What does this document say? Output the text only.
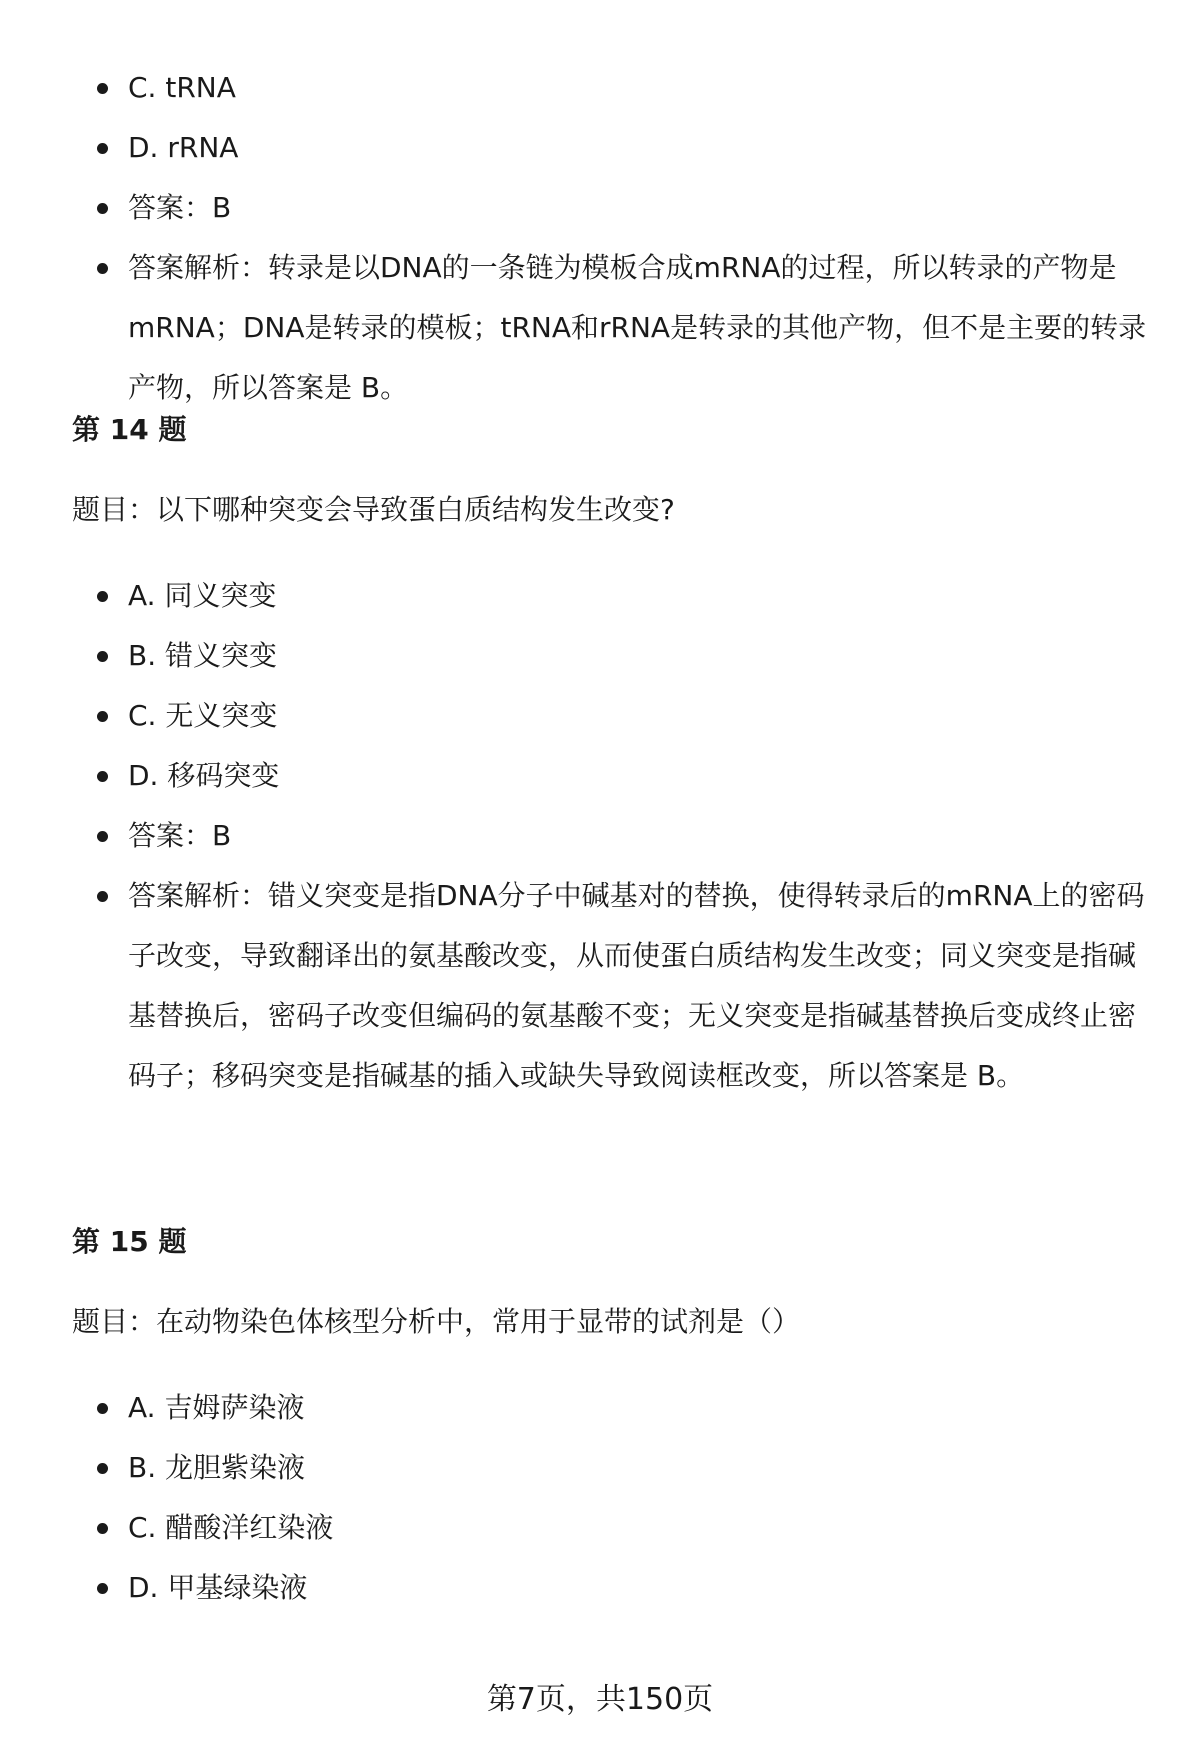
C. tRNA
D. rRNA
答案：B
答案解析：转录是以DNA的一条链为模板合成mRNA的过程，所以转录的产物是mRNA；DNA是转录的模板；tRNA和rRNA是转录的其他产物，但不是主要的转录产物，所以答案是 B。
第 14 题
题目：以下哪种突变会导致蛋白质结构发生改变?
A. 同义突变
B. 错义突变
C. 无义突变
D. 移码突变
答案：B
答案解析：错义突变是指DNA分子中碱基对的替换，使得转录后的mRNA上的密码子改变，导致翻译出的氨基酸改变，从而使蛋白质结构发生改变；同义突变是指碱基替换后，密码子改变但编码的氨基酸不变；无义突变是指碱基替换后变成终止密码子；移码突变是指碱基的插入或缺失导致阅读框改变，所以答案是 B。
第 15 题
题目：在动物染色体核型分析中，常用于显带的试剂是（）
A. 吉姆萨染液
B. 龙胆紫染液
C. 醋酸洋红染液
D. 甲基绿染液
第7页，共150页
